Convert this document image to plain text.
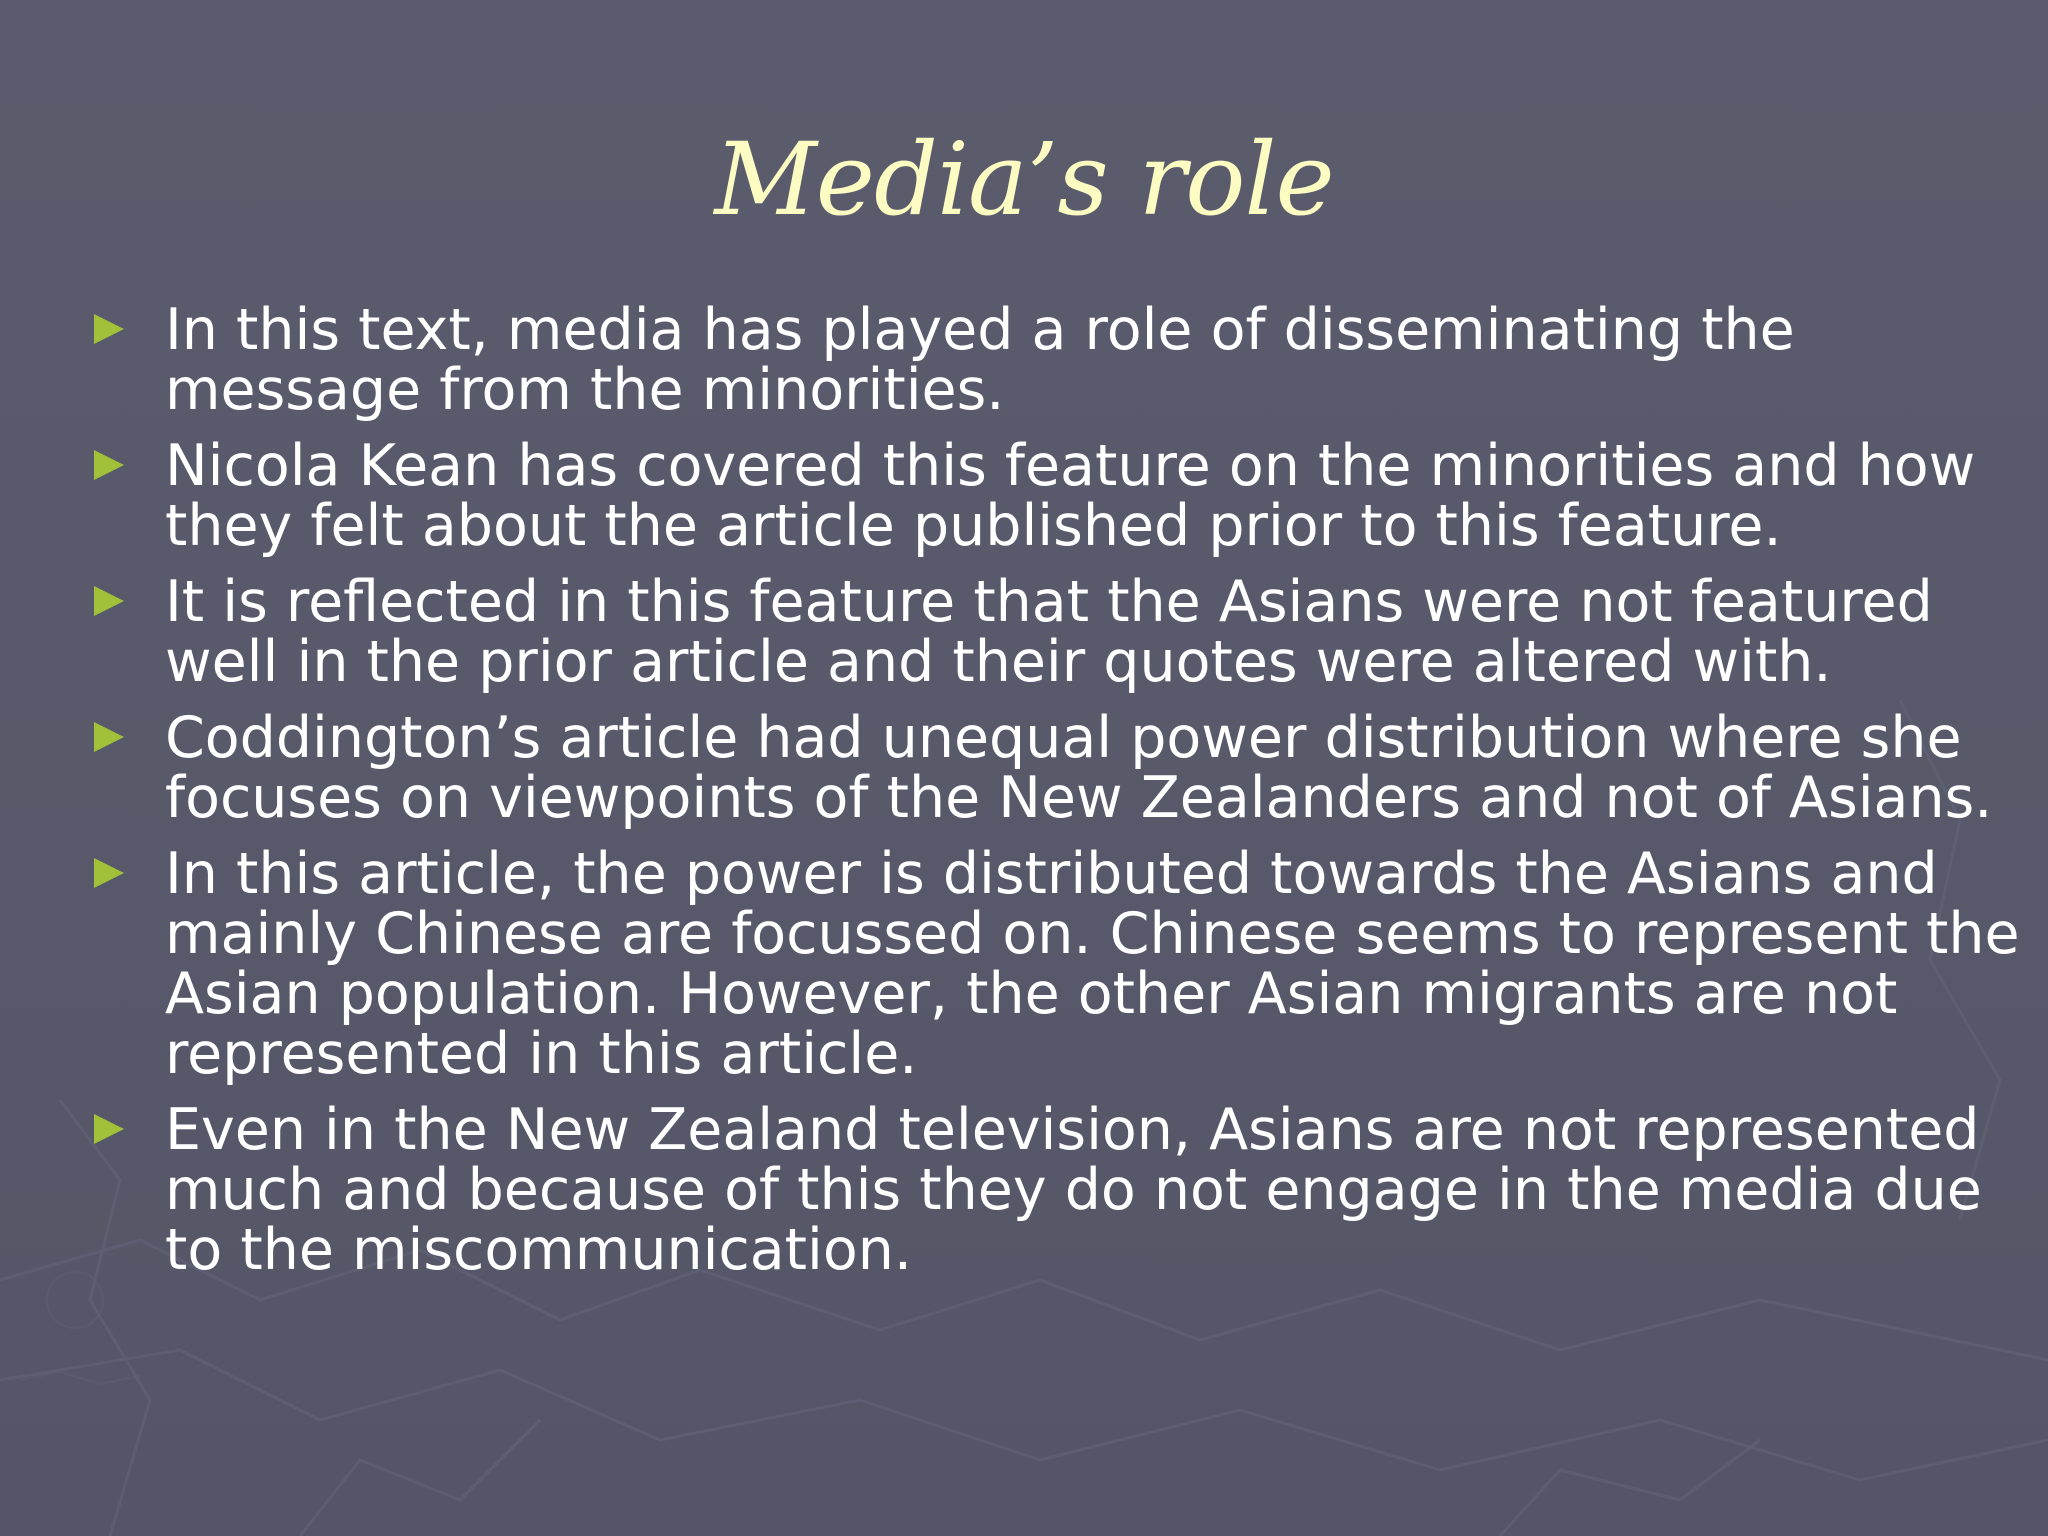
Media’s role
In this text, media has played a role of disseminating the
message from the minorities.
Nicola Kean has covered this feature on the minorities and how
they felt about the article published prior to this feature.
It is reflected in this feature that the Asians were not featured
well in the prior article and their quotes were altered with.
Coddington’s article had unequal power distribution where she
focuses on viewpoints of the New Zealanders and not of Asians.
In this article, the power is distributed towards the Asians and
mainly Chinese are focussed on. Chinese seems to represent the
Asian population. However, the other Asian migrants are not
represented in this article.
Even in the New Zealand television, Asians are not represented
much and because of this they do not engage in the media due
to the miscommunication.
